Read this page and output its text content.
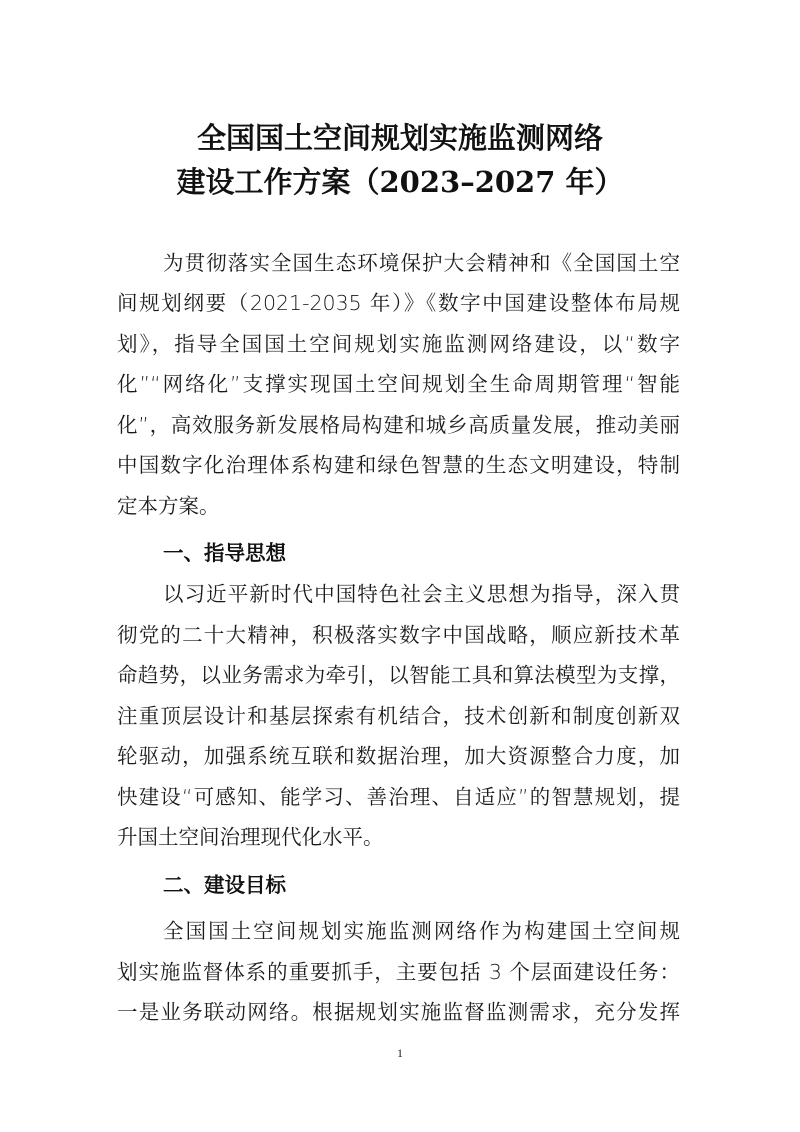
全国国土空间规划实施监测网络
建设工作方案（2023–2027 年）
为贯彻落实全国生态环境保护大会精神和《全国国土空
间规划纲要（2021-2035 年）》《数字中国建设整体布局规
划》，指导全国国土空间规划实施监测网络建设，以“数字
化”“网络化”支撑实现国土空间规划全生命周期管理“智能
化”，高效服务新发展格局构建和城乡高质量发展，推动美丽
中国数字化治理体系构建和绿色智慧的生态文明建设，特制
定本方案。
一、指导思想
以习近平新时代中国特色社会主义思想为指导，深入贯
彻党的二十大精神，积极落实数字中国战略，顺应新技术革
命趋势，以业务需求为牵引，以智能工具和算法模型为支撑，
注重顶层设计和基层探索有机结合，技术创新和制度创新双
轮驱动，加强系统互联和数据治理，加大资源整合力度，加
快建设“可感知、能学习、善治理、自适应”的智慧规划，提
升国土空间治理现代化水平。
二、建设目标
全国国土空间规划实施监测网络作为构建国土空间规
划实施监督体系的重要抓手，主要包括 3 个层面建设任务：
一是业务联动网络。根据规划实施监督监测需求，充分发挥
1
